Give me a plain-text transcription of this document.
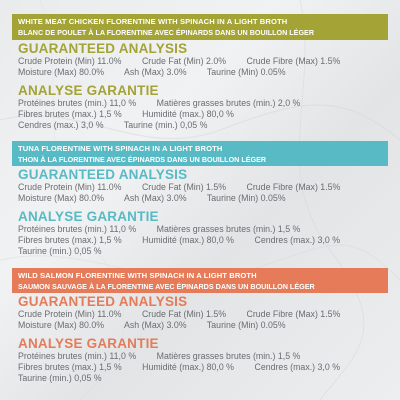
WHITE MEAT CHICKEN FLORENTINE WITH SPINACH IN A LIGHT BROTH
BLANC DE POULET À LA FLORENTINE AVEC ÉPINARDS DANS UN BOUILLON LÉGER
GUARANTEED ANALYSIS
Crude Protein (Min) 11.0% Crude Fat (Min) 2.0% Crude Fibre (Max) 1.5%
Moisture (Max) 80.0% Ash (Max) 3.0% Taurine (Min) 0.05%
ANALYSE GARANTIE
Protéines brutes (min.) 11,0 % Matières grasses brutes (min.) 2,0 %
Fibres brutes (max.) 1,5 % Humidité (max.) 80,0 %
Cendres (max.) 3,0 % Taurine (min.) 0,05 %
TUNA FLORENTINE WITH SPINACH IN A LIGHT BROTH
THON À LA FLORENTINE AVEC ÉPINARDS DANS UN BOUILLON LÉGER
GUARANTEED ANALYSIS
Crude Protein (Min) 11.0% Crude Fat (Min) 1.5% Crude Fibre (Max) 1.5%
Moisture (Max) 80.0% Ash (Max) 3.0% Taurine (Min) 0.05%
ANALYSE GARANTIE
Protéines brutes (min.) 11,0 % Matières grasses brutes (min.) 1,5 %
Fibres brutes (max.) 1,5 % Humidité (max.) 80,0 % Cendres (max.) 3,0 %
Taurine (min.) 0,05 %
WILD SALMON FLORENTINE WITH SPINACH IN A LIGHT BROTH
SAUMON SAUVAGE À LA FLORENTINE AVEC ÉPINARDS DANS UN BOUILLON LÉGER
GUARANTEED ANALYSIS
Crude Protein (Min) 11.0% Crude Fat (Min) 1.5% Crude Fibre (Max) 1.5%
Moisture (Max) 80.0% Ash (Max) 3.0% Taurine (Min) 0.05%
ANALYSE GARANTIE
Protéines brutes (min.) 11,0 % Matières grasses brutes (min.) 1,5 %
Fibres brutes (max.) 1,5 % Humidité (max.) 80,0 % Cendres (max.) 3,0 %
Taurine (min.) 0,05 %
